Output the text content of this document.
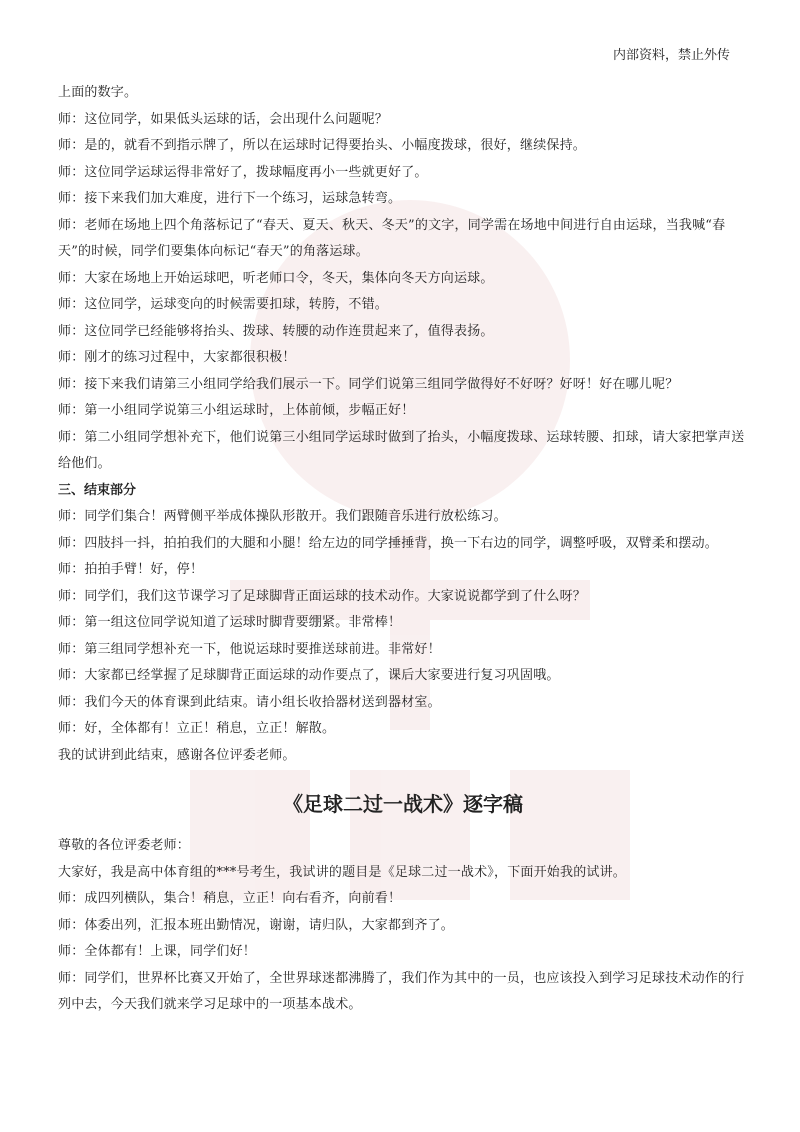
内部资料，禁止外传
上面的数字。
师：这位同学，如果低头运球的话，会出现什么问题呢？
师：是的，就看不到指示牌了，所以在运球时记得要抬头、小幅度拨球，很好，继续保持。
师：这位同学运球运得非常好了，拨球幅度再小一些就更好了。
师：接下来我们加大难度，进行下一个练习，运球急转弯。
师：老师在场地上四个角落标记了“春天、夏天、秋天、冬天”的文字，同学需在场地中间进行自由运球，当我喊“春天”的时候，同学们要集体向标记“春天”的角落运球。
师：大家在场地上开始运球吧，听老师口令，冬天，集体向冬天方向运球。
师：这位同学，运球变向的时候需要扣球，转胯，不错。
师：这位同学已经能够将抬头、拨球、转腰的动作连贯起来了，值得表扬。
师：刚才的练习过程中，大家都很积极！
师：接下来我们请第三小组同学给我们展示一下。同学们说第三组同学做得好不好呀？好呀！好在哪儿呢？
师：第一小组同学说第三小组运球时，上体前倾，步幅正好！
师：第二小组同学想补充下，他们说第三小组同学运球时做到了抬头，小幅度拨球、运球转腰、扣球，请大家把掌声送给他们。
三、结束部分
师：同学们集合！两臂侧平举成体操队形散开。我们跟随音乐进行放松练习。
师：四肢抖一抖，拍拍我们的大腿和小腿！给左边的同学捶捶背，换一下右边的同学，调整呼吸，双臂柔和摆动。
师：拍拍手臂！好，停！
师：同学们，我们这节课学习了足球脚背正面运球的技术动作。大家说说都学到了什么呀？
师：第一组这位同学说知道了运球时脚背要绷紧。非常棒！
师：第三组同学想补充一下，他说运球时要推送球前进。非常好！
师：大家都已经掌握了足球脚背正面运球的动作要点了，课后大家要进行复习巩固哦。
师：我们今天的体育课到此结束。请小组长收拾器材送到器材室。
师：好，全体都有！立正！稍息，立正！解散。
我的试讲到此结束，感谢各位评委老师。
《足球二过一战术》逐字稿
尊敬的各位评委老师：
大家好，我是高中体育组的***号考生，我试讲的题目是《足球二过一战术》，下面开始我的试讲。
师：成四列横队，集合！稍息，立正！向右看齐，向前看！
师：体委出列，汇报本班出勤情况，谢谢，请归队，大家都到齐了。
师：全体都有！上课，同学们好！
师：同学们，世界杯比赛又开始了，全世界球迷都沸腾了，我们作为其中的一员，也应该投入到学习足球技术动作的行列中去，今天我们就来学习足球中的一项基本战术。
